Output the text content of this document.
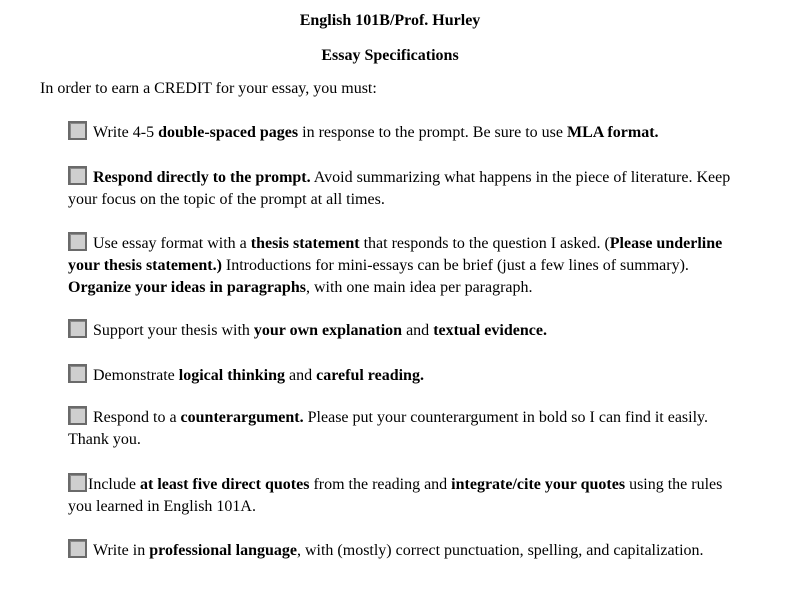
English 101B/Prof. Hurley
Essay Specifications
In order to earn a CREDIT for your essay, you must:
Write 4-5 double-spaced pages in response to the prompt. Be sure to use MLA format.
Respond directly to the prompt. Avoid summarizing what happens in the piece of literature. Keep your focus on the topic of the prompt at all times.
Use essay format with a thesis statement that responds to the question I asked. (Please underline your thesis statement.) Introductions for mini-essays can be brief (just a few lines of summary). Organize your ideas in paragraphs, with one main idea per paragraph.
Support your thesis with your own explanation and textual evidence.
Demonstrate logical thinking and careful reading.
Respond to a counterargument. Please put your counterargument in bold so I can find it easily. Thank you.
Include at least five direct quotes from the reading and integrate/cite your quotes using the rules you learned in English 101A.
Write in professional language, with (mostly) correct punctuation, spelling, and capitalization.
